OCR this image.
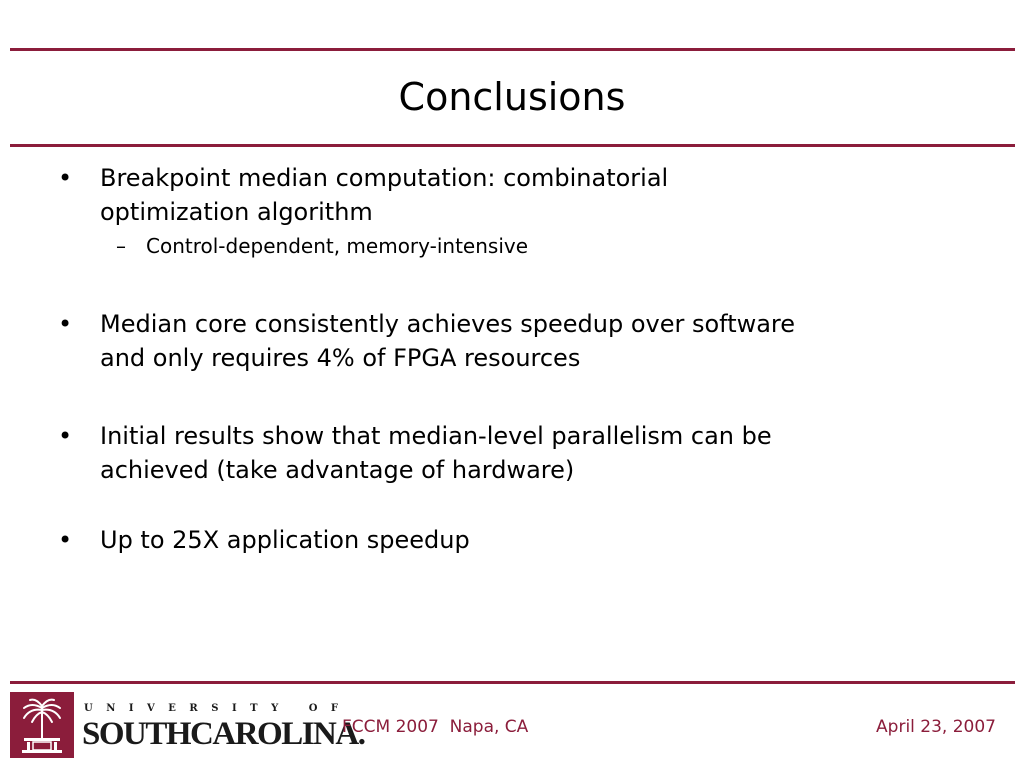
Conclusions
• Breakpoint median computation: combinatorial
optimization algorithm
– Control-dependent, memory-intensive
• Median core consistently achieves speedup over software
and only requires 4% of FPGA resources
• Initial results show that median-level parallelism can be
achieved (take advantage of hardware)
• Up to 25X application speedup
UNIVERSITY OF
SOUTHCAROLINA.
FCCM 2007  Napa, CA	April 23, 2007
